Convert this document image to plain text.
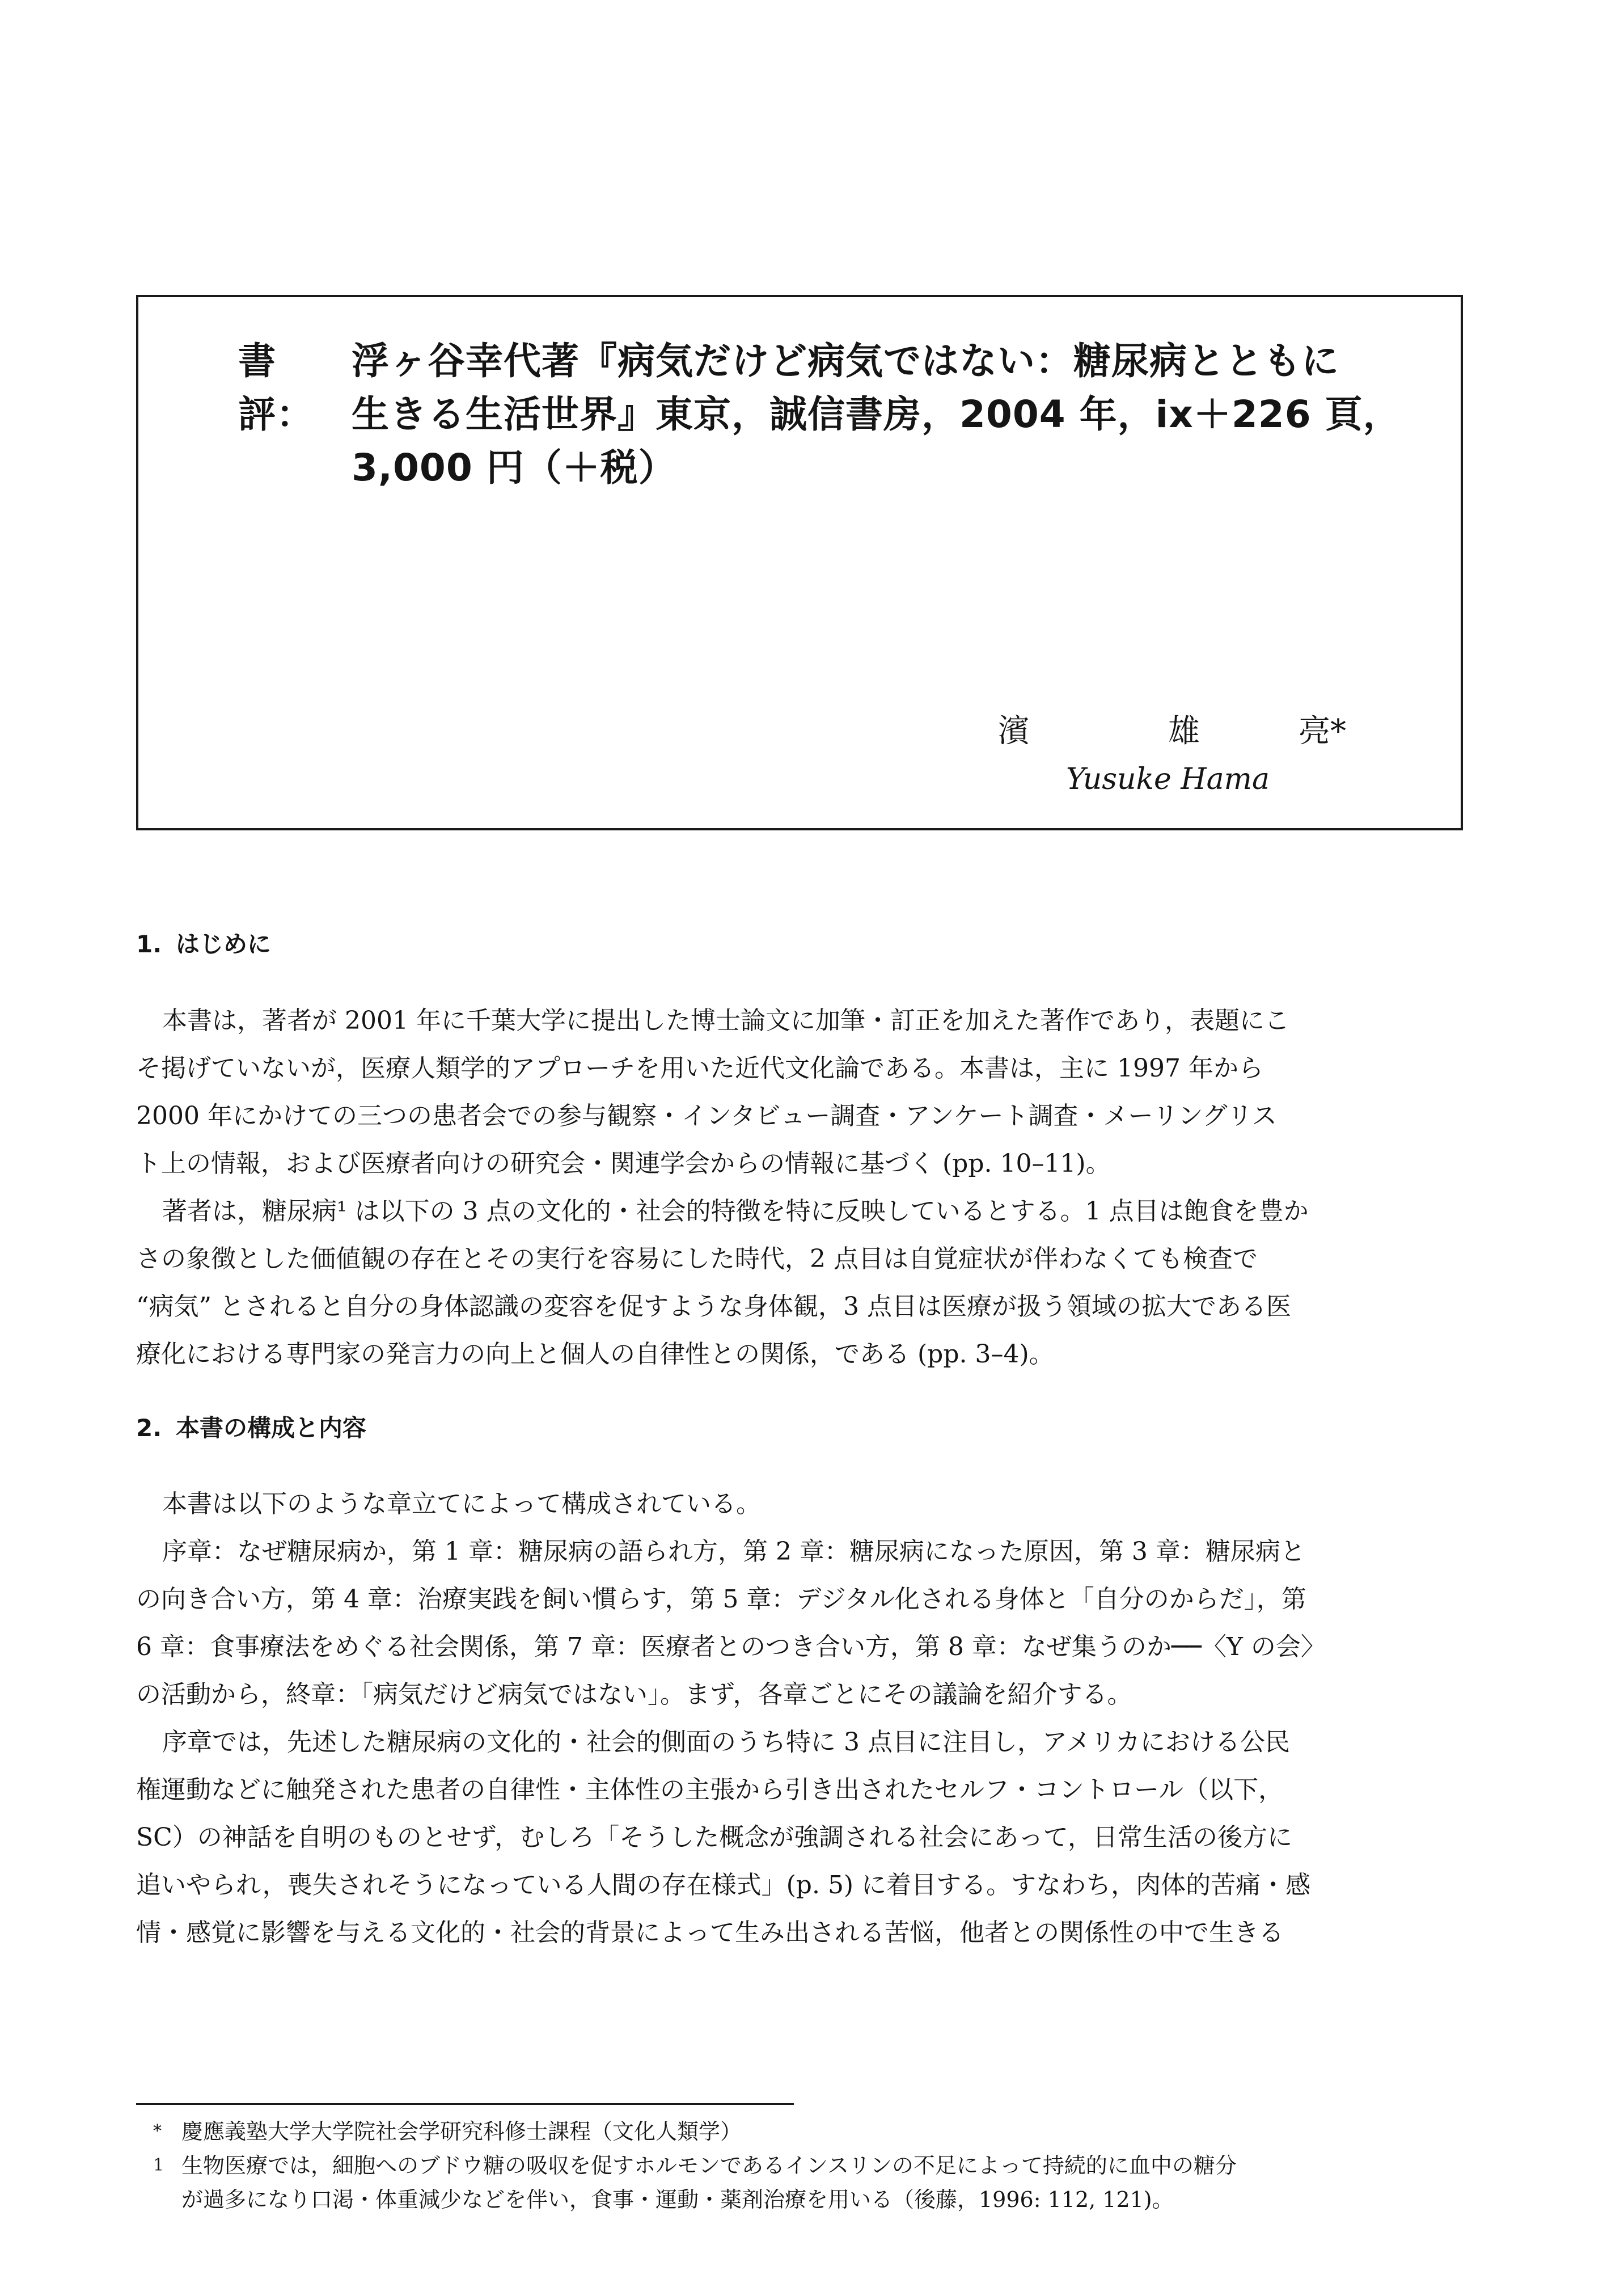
書評：
浮ヶ谷幸代著『病気だけど病気ではない：糖尿病とともに
生きる生活世界』東京，誠信書房，2004 年，ix＋226 頁，
3,000 円（＋税）
濱	雄	亮*
Yusuke Hama
1. はじめに
本書は，著者が 2001 年に千葉大学に提出した博士論文に加筆・訂正を加えた著作であり，表題にこ
そ掲げていないが，医療人類学的アプローチを用いた近代文化論である。本書は，主に 1997 年から
2000 年にかけての三つの患者会での参与観察・インタビュー調査・アンケート調査・メーリングリス
ト上の情報，および医療者向けの研究会・関連学会からの情報に基づく (pp. 10–11)。
著者は，糖尿病¹ は以下の 3 点の文化的・社会的特徴を特に反映しているとする。1 点目は飽食を豊か
さの象徴とした価値観の存在とその実行を容易にした時代，2 点目は自覚症状が伴わなくても検査で
“病気” とされると自分の身体認識の変容を促すような身体観，3 点目は医療が扱う領域の拡大である医
療化における専門家の発言力の向上と個人の自律性との関係，である (pp. 3–4)。
2. 本書の構成と内容
本書は以下のような章立てによって構成されている。
序章：なぜ糖尿病か，第 1 章：糖尿病の語られ方，第 2 章：糖尿病になった原因，第 3 章：糖尿病と
の向き合い方，第 4 章：治療実践を飼い慣らす，第 5 章：デジタル化される身体と「自分のからだ」，第
6 章：食事療法をめぐる社会関係，第 7 章：医療者とのつき合い方，第 8 章：なぜ集うのか──〈Y の会〉
の活動から，終章：「病気だけど病気ではない」。まず，各章ごとにその議論を紹介する。
序章では，先述した糖尿病の文化的・社会的側面のうち特に 3 点目に注目し，アメリカにおける公民
権運動などに触発された患者の自律性・主体性の主張から引き出されたセルフ・コントロール（以下，
SC）の神話を自明のものとせず，むしろ「そうした概念が強調される社会にあって，日常生活の後方に
追いやられ，喪失されそうになっている人間の存在様式」(p. 5) に着目する。すなわち，肉体的苦痛・感
情・感覚に影響を与える文化的・社会的背景によって生み出される苦悩，他者との関係性の中で生きる
* 慶應義塾大学大学院社会学研究科修士課程（文化人類学）
1 生物医療では，細胞へのブドウ糖の吸収を促すホルモンであるインスリンの不足によって持続的に血中の糖分
が過多になり口渇・体重減少などを伴い，食事・運動・薬剤治療を用いる（後藤，1996: 112, 121)。
